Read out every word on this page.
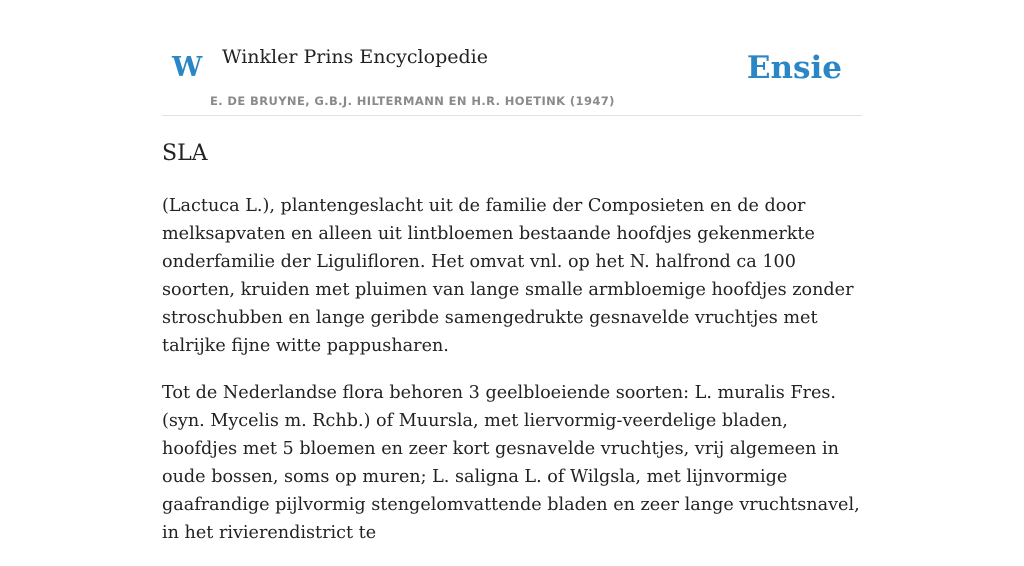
W Winkler Prins Encyclopedie
E. DE BRUYNE, G.B.J. HILTERMANN EN H.R. HOETINK (1947)
Ensie
SLA

(Lactuca L.), plantengeslacht uit de familie der Composieten en de door melksapvaten en alleen uit lintbloemen bestaande hoofdjes gekenmerkte onderfamilie der Liguliflоren. Het omvat vnl. op het N. halfrond ca 100 soorten, kruiden met pluimen van lange smalle armbloemige hoofdjes zonder stroschubben en lange geribde samengedrukte gesnavelde vruchtjes met talrijke fijne witte pappusharen.

Tot de Nederlandse flora behoren 3 geelbloeiende soorten: L. muralis Fres. (syn. Mycelis m. Rchb.) of Muursla, met liervormig-veerdelige bladen, hoofdjes met 5 bloemen en zeer kort gesnavelde vruchtjes, vrij algemeen in oude bossen, soms op muren; L. saligna L. of Wilgsla, met lijnvormige gaafrandige pijlvormig stengelomvattende bladen en zeer lange vruchtsnavel, in het rivierendistrict te
